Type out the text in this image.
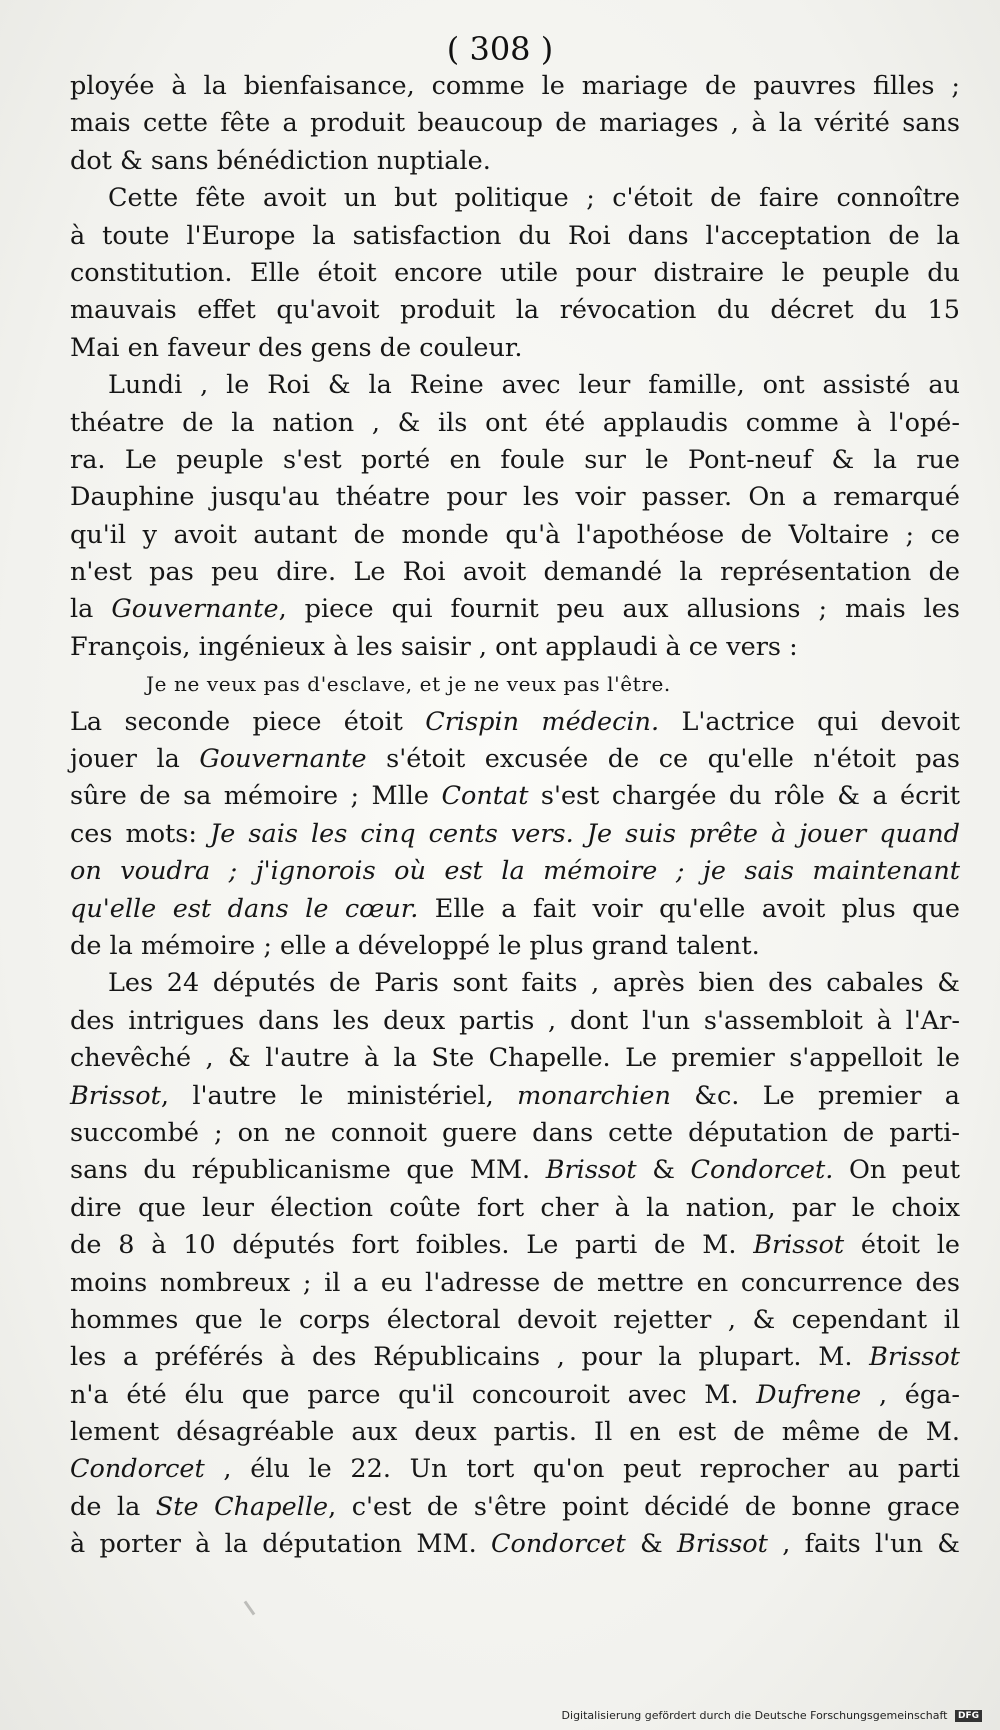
( 308 )
ployée à la bienfaisance, comme le mariage de pauvres filles ;
mais cette fête a produit beaucoup de mariages , à la vérité sans
dot & sans bénédiction nuptiale.
Cette fête avoit un but politique ; c'étoit de faire connoître
à toute l'Europe la satisfaction du Roi dans l'acceptation de la
constitution. Elle étoit encore utile pour distraire le peuple du
mauvais effet qu'avoit produit la révocation du décret du 15
Mai en faveur des gens de couleur.
Lundi , le Roi & la Reine avec leur famille, ont assisté au
théatre de la nation , & ils ont été applaudis comme à l'opé-
ra. Le peuple s'est porté en foule sur le Pont-neuf & la rue
Dauphine jusqu'au théatre pour les voir passer. On a remarqué
qu'il y avoit autant de monde qu'à l'apothéose de Voltaire ; ce
n'est pas peu dire. Le Roi avoit demandé la représentation de
la Gouvernante, piece qui fournit peu aux allusions ; mais les
François, ingénieux à les saisir , ont applaudi à ce vers :
Je ne veux pas d'esclave, et je ne veux pas l'être.
La seconde piece étoit Crispin médecin. L'actrice qui devoit
jouer la Gouvernante s'étoit excusée de ce qu'elle n'étoit pas
sûre de sa mémoire ; Mlle Contat s'est chargée du rôle & a écrit
ces mots: Je sais les cinq cents vers. Je suis prête à jouer quand
on voudra ; j'ignorois où est la mémoire ; je sais maintenant
qu'elle est dans le cœur. Elle a fait voir qu'elle avoit plus que
de la mémoire ; elle a développé le plus grand talent.
Les 24 députés de Paris sont faits , après bien des cabales &
des intrigues dans les deux partis , dont l'un s'assembloit à l'Ar-
chevêché , & l'autre à la Ste Chapelle. Le premier s'appelloit le
Brissot, l'autre le ministériel, monarchien &c. Le premier a
succombé ; on ne connoit guere dans cette députation de parti-
sans du républicanisme que MM. Brissot & Condorcet. On peut
dire que leur élection coûte fort cher à la nation, par le choix
de 8 à 10 députés fort foibles. Le parti de M. Brissot étoit le
moins nombreux ; il a eu l'adresse de mettre en concurrence des
hommes que le corps électoral devoit rejetter , & cependant il
les a préférés à des Républicains , pour la plupart. M. Brissot
n'a été élu que parce qu'il concouroit avec M. Dufrene , éga-
lement désagréable aux deux partis. Il en est de même de M.
Condorcet , élu le 22. Un tort qu'on peut reprocher au parti
de la Ste Chapelle, c'est de s'être point décidé de bonne grace
à porter à la députation MM. Condorcet & Brissot , faits l'un &
Digitalisierung gefördert durch die Deutsche Forschungsgemeinschaft DFG
